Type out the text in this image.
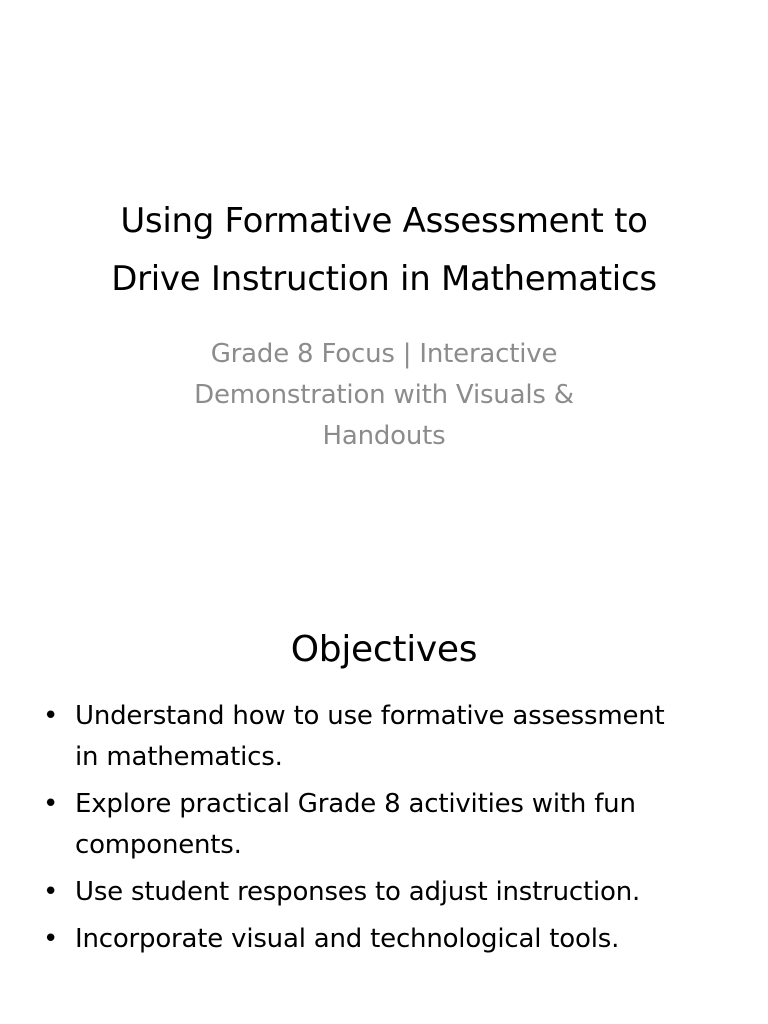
Using Formative Assessment to
Drive Instruction in Mathematics

Grade 8 Focus | Interactive
Demonstration with Visuals &
Handouts

Objectives
• Understand how to use formative assessment
in mathematics.
• Explore practical Grade 8 activities with fun
components.
• Use student responses to adjust instruction.
• Incorporate visual and technological tools.
